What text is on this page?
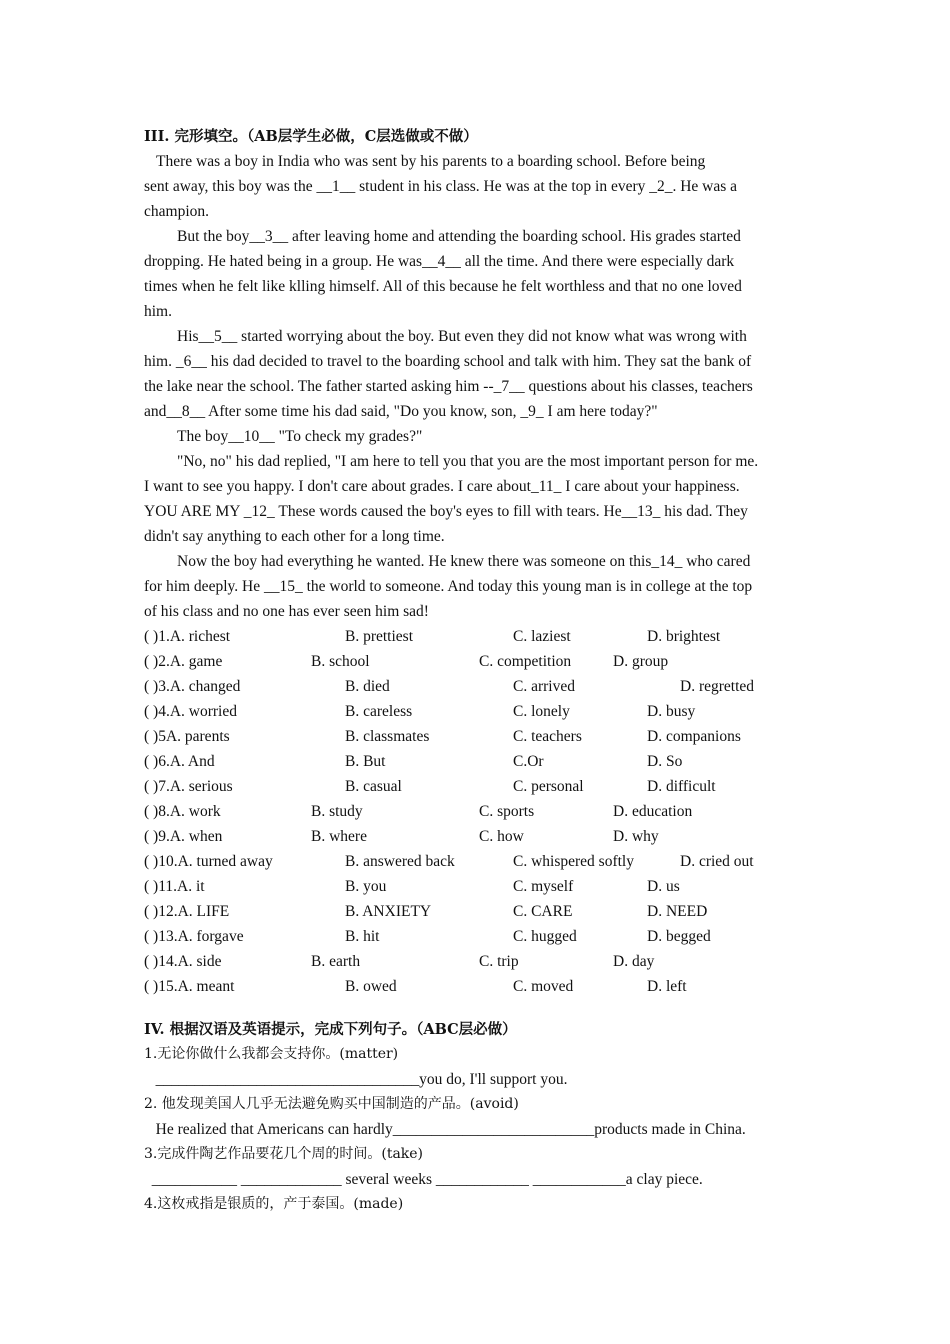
III. 完形填空。（AB层学生必做，C层选做或不做）
There was a boy in India who was sent by his parents to a boarding school. Before being
sent away, this boy was the __1__ student in his class. He was at the top in every _2_. He was a
champion.
But the boy__3__ after leaving home and attending the boarding school. His grades started
dropping. He hated being in a group. He was__4__ all the time. And there were especially dark
times when he felt like klling himself. All of this because he felt worthless and that no one loved
him.
His__5__ started worrying about the boy. But even they did not know what was wrong with
him. _6__ his dad decided to travel to the boarding school and talk with him. They sat the bank of
the lake near the school. The father started asking him --_7__ questions about his classes, teachers
and__8__ After some time his dad said, "Do you know, son, _9_ I am here today?"
The boy__10__ "To check my grades?"
"No, no" his dad replied, "I am here to tell you that you are the most important person for me.
I want to see you happy. I don't care about grades. I care about_11_ I care about your happiness.
YOU ARE MY _12_ These words caused the boy's eyes to fill with tears. He__13_ his dad. They
didn't say anything to each other for a long time.
Now the boy had everything he wanted. He knew there was someone on this_14_ who cared
for him deeply. He __15_ the world to someone. And today this young man is in college at the top
of his class and no one has ever seen him sad!
( )1.A. richest	B. prettiest	C. laziest	D. brightest
( )2.A. game	B. school	C. competition	D. group
( )3.A. changed	B. died	C. arrived	D. regretted
( )4.A. worried	B. careless	C. lonely	D. busy
( )5A. parents	B. classmates	C. teachers	D. companions
( )6.A. And	B. But	C.Or	D. So
( )7.A. serious	B. casual	C. personal	D. difficult
( )8.A. work	B. study	C. sports	D. education
( )9.A. when	B. where	C. how	D. why
( )10.A. turned away	B. answered back	C. whispered softly	D. cried out
( )11.A. it	B. you	C. myself	D. us
( )12.A. LIFE	B. ANXIETY	C. CARE	D. NEED
( )13.A. forgave	B. hit	C. hugged	D. begged
( )14.A. side	B. earth	C. trip	D. day
( )15.A. meant	B. owed	C. moved	D. left
IV. 根据汉语及英语提示，完成下列句子。（ABC层必做）
1.无论你做什么我都会支持你。(matter)
__________________________________you do, I'll support you.
2. 他发现美国人几乎无法避免购买中国制造的产品。(avoid)
He realized that Americans can hardly__________________________products made in China.
3.完成件陶艺作品要花几个周的时间。(take)
___________ _____________ several weeks ____________ ____________a clay piece.
4.这枚戒指是银质的，产于泰国。(made)
